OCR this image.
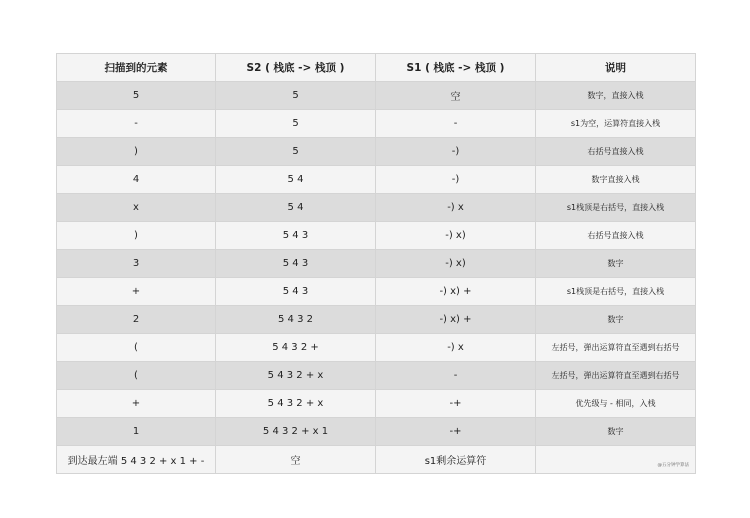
扫描到的元素	S2 ( 栈底 -> 栈顶 )	S1 ( 栈底 -> 栈顶 )	说明
5	5	空	数字，直接入栈
-	5	-	s1为空，运算符直接入栈
)	5	-)	右括号直接入栈
4	5 4	-)	数字直接入栈
x	5 4	-) x	s1栈顶是右括号，直接入栈
)	5 4 3	-) x)	右括号直接入栈
3	5 4 3	-) x)	数字
+	5 4 3	-) x) +	s1栈顶是右括号，直接入栈
2	5 4 3 2	-) x) +	数字
(	5 4 3 2 +	-) x	左括号，弹出运算符直至遇到右括号
(	5 4 3 2 + x	-	左括号，弹出运算符直至遇到右括号
+	5 4 3 2 + x	-+	优先级与 - 相同，入栈
1	5 4 3 2 + x 1	-+	数字
到达最左端 5 4 3 2 + x 1 + -	空	s1剩余运算符	@五分钟学算法
